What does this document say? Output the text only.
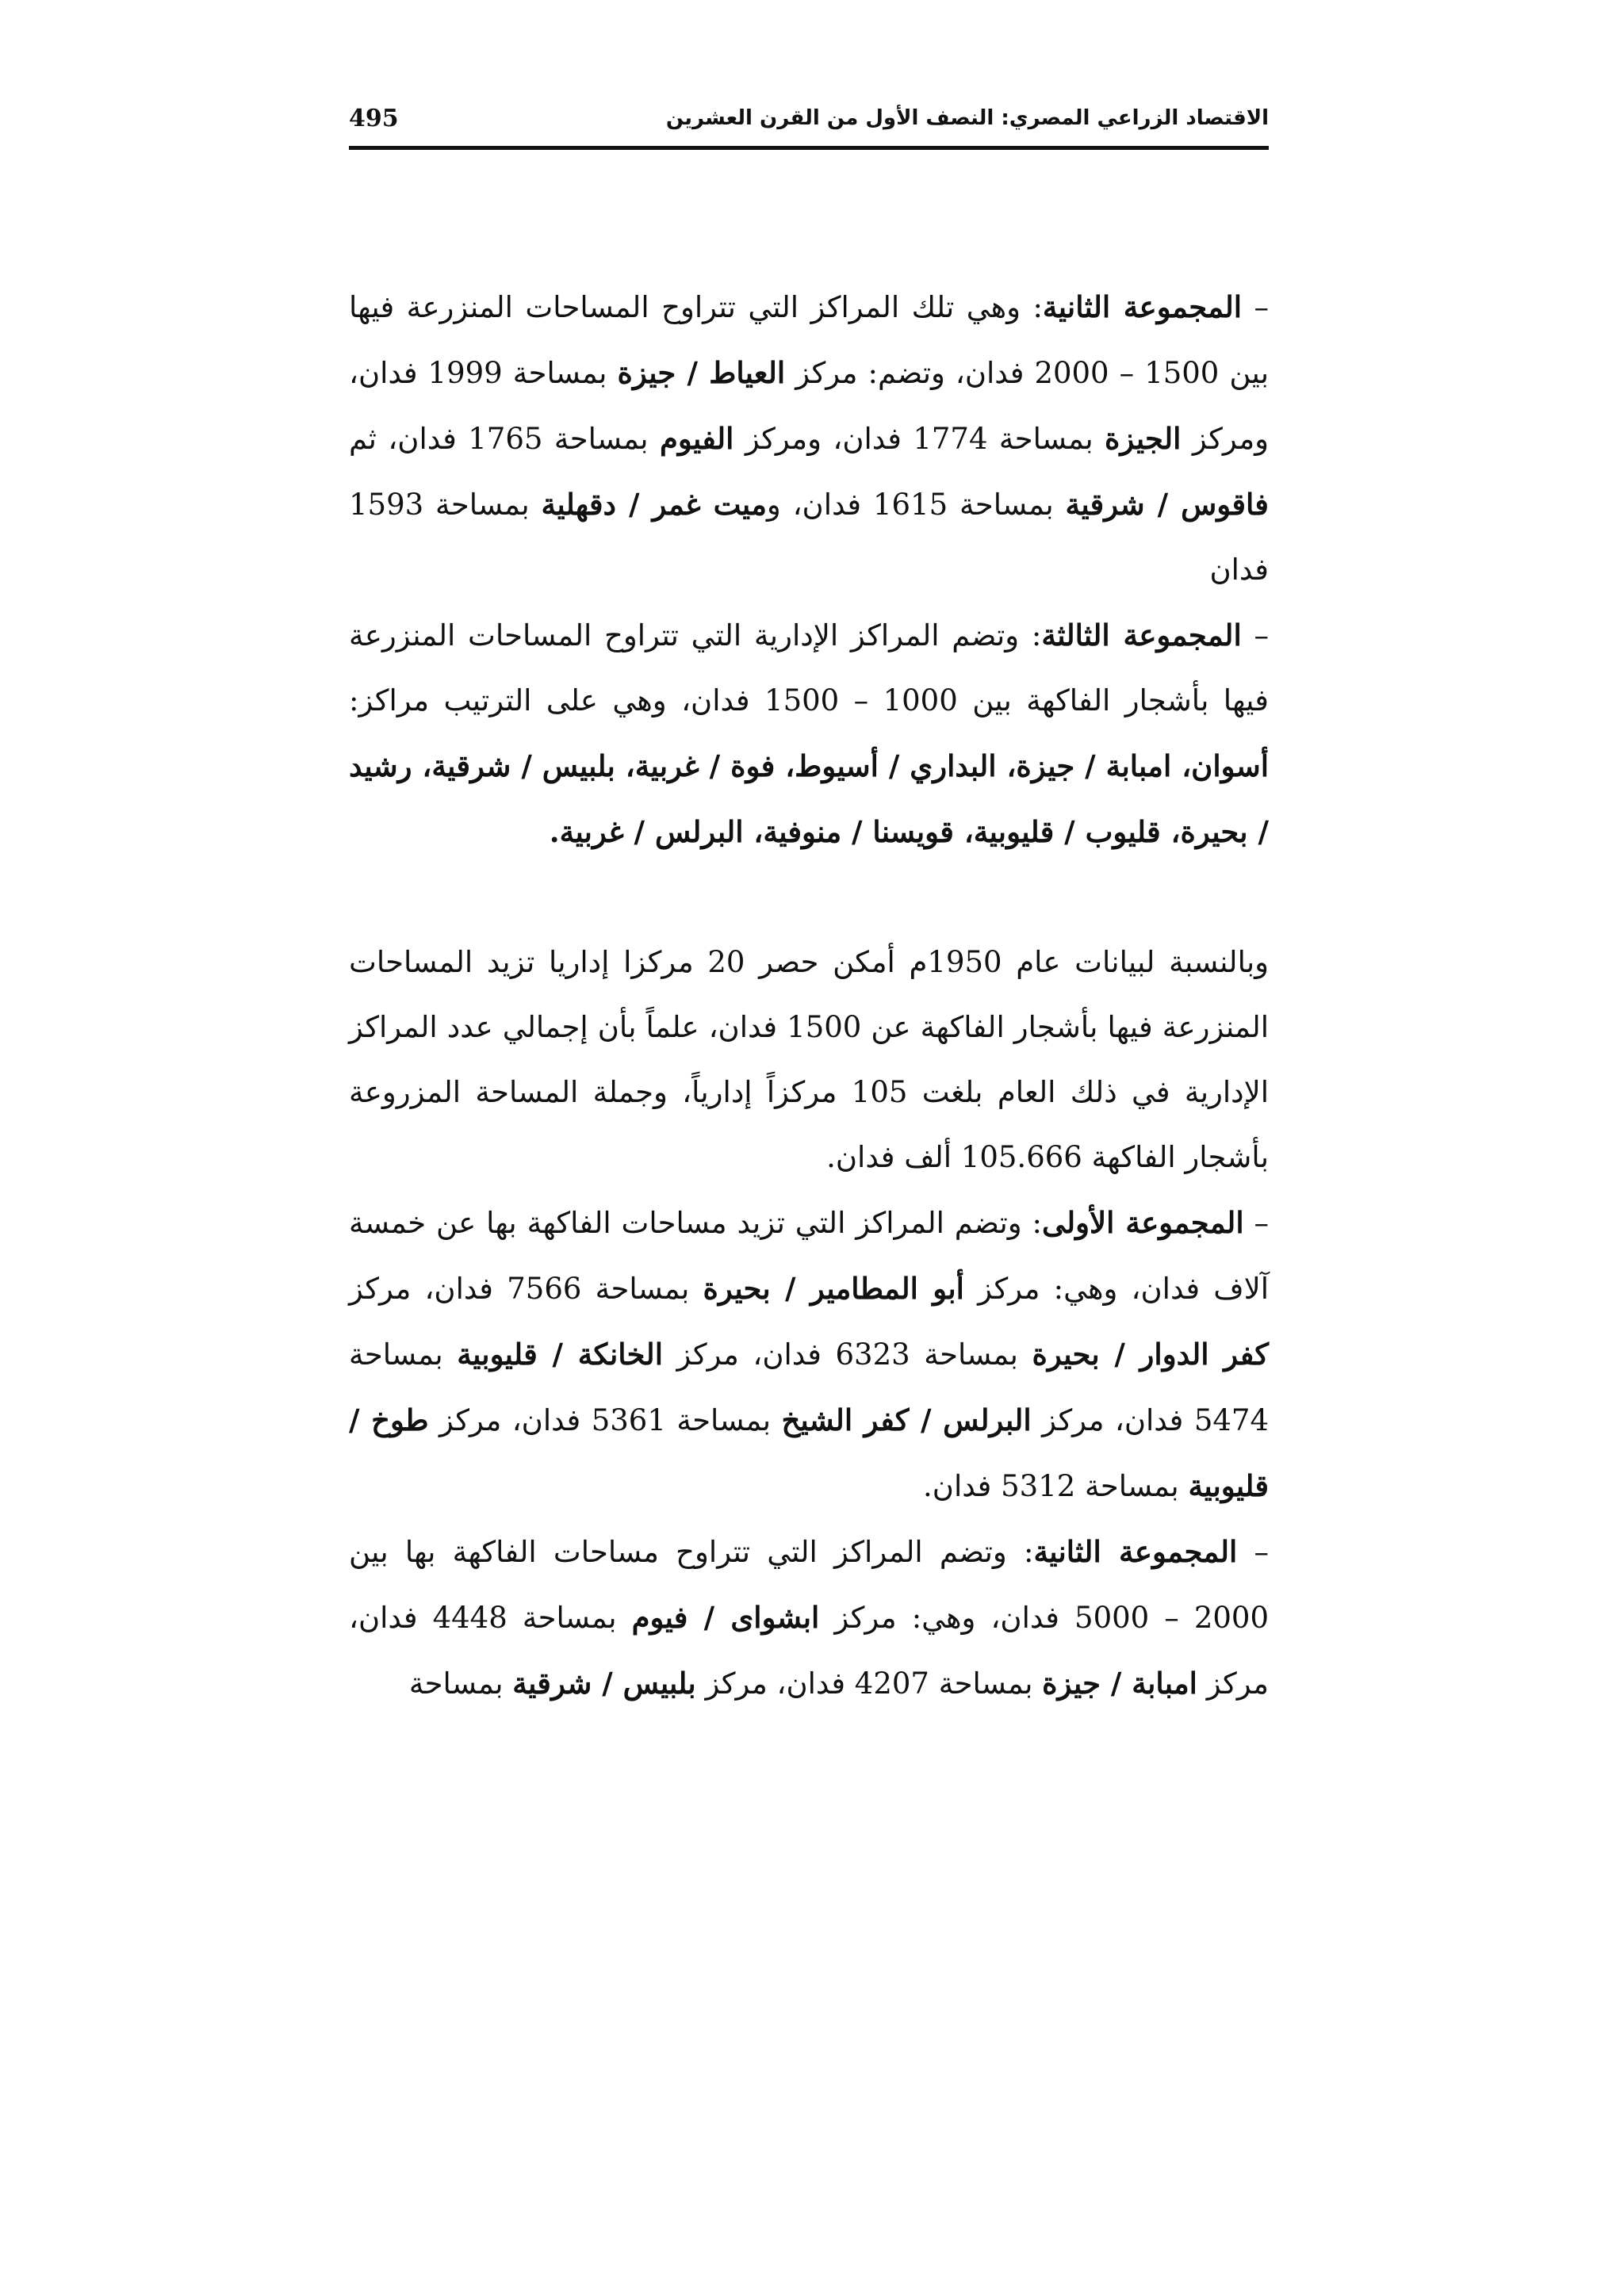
الاقتصاد الزراعي المصري: النصف الأول من القرن العشرين
495

– المجموعة الثانية: وهي تلك المراكز التي تتراوح المساحات المنزرعة فيها بين 1500 – 2000 فدان، وتضم: مركز العياط / جيزة بمساحة 1999 فدان، ومركز الجيزة بمساحة 1774 فدان، ومركز الفيوم بمساحة 1765 فدان، ثم فاقوس / شرقية بمساحة 1615 فدان، وميت غمر / دقهلية بمساحة 1593 فدان

– المجموعة الثالثة: وتضم المراكز الإدارية التي تتراوح المساحات المنزرعة فيها بأشجار الفاكهة بين 1000 – 1500 فدان، وهي على الترتيب مراكز: أسوان، امبابة / جيزة، البداري / أسيوط، فوة / غربية، بلبيس / شرقية، رشيد / بحيرة، قليوب / قليوبية، قويسنا / منوفية، البرلس / غربية.

وبالنسبة لبيانات عام 1950م أمكن حصر 20 مركزا إداريا تزيد المساحات المنزرعة فيها بأشجار الفاكهة عن 1500 فدان، علماً بأن إجمالي عدد المراكز الإدارية في ذلك العام بلغت 105 مركزاً إدارياً، وجملة المساحة المزروعة بأشجار الفاكهة 105.666 ألف فدان.

– المجموعة الأولى: وتضم المراكز التي تزيد مساحات الفاكهة بها عن خمسة آلاف فدان، وهي: مركز أبو المطامير / بحيرة بمساحة 7566 فدان، مركز كفر الدوار / بحيرة بمساحة 6323 فدان، مركز الخانكة / قليوبية بمساحة 5474 فدان، مركز البرلس / كفر الشيخ بمساحة 5361 فدان، مركز طوخ / قليوبية بمساحة 5312 فدان.

– المجموعة الثانية: وتضم المراكز التي تتراوح مساحات الفاكهة بها بين 2000 – 5000 فدان، وهي: مركز ابشواى / فيوم بمساحة 4448 فدان، مركز امبابة / جيزة بمساحة 4207 فدان، مركز بلبيس / شرقية بمساحة
